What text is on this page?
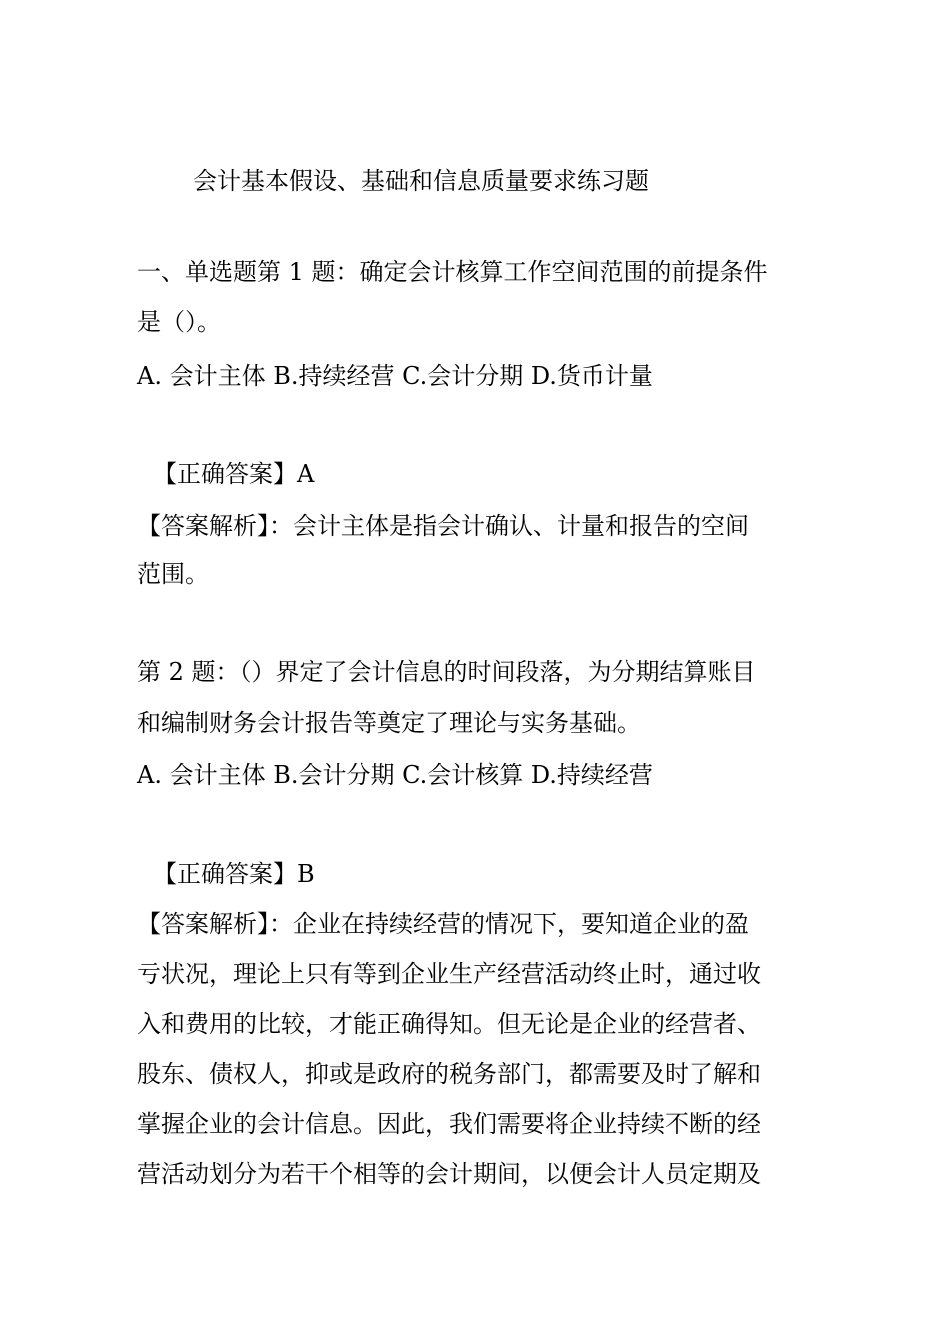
会计基本假设、基础和信息质量要求练习题
一、单选题第 1 题：确定会计核算工作空间范围的前提条件
是（）。
A. 会计主体 B.持续经营 C.会计分期 D.货币计量
【正确答案】A
【答案解析】：会计主体是指会计确认、计量和报告的空间
范围。
第 2 题：（）界定了会计信息的时间段落，为分期结算账目
和编制财务会计报告等奠定了理论与实务基础。
A. 会计主体 B.会计分期 C.会计核算 D.持续经营
【正确答案】B
【答案解析】：企业在持续经营的情况下，要知道企业的盈
亏状况，理论上只有等到企业生产经营活动终止时，通过收
入和费用的比较，才能正确得知。但无论是企业的经营者、
股东、债权人，抑或是政府的税务部门，都需要及时了解和
掌握企业的会计信息。因此，我们需要将企业持续不断的经
营活动划分为若干个相等的会计期间，以便会计人员定期及
